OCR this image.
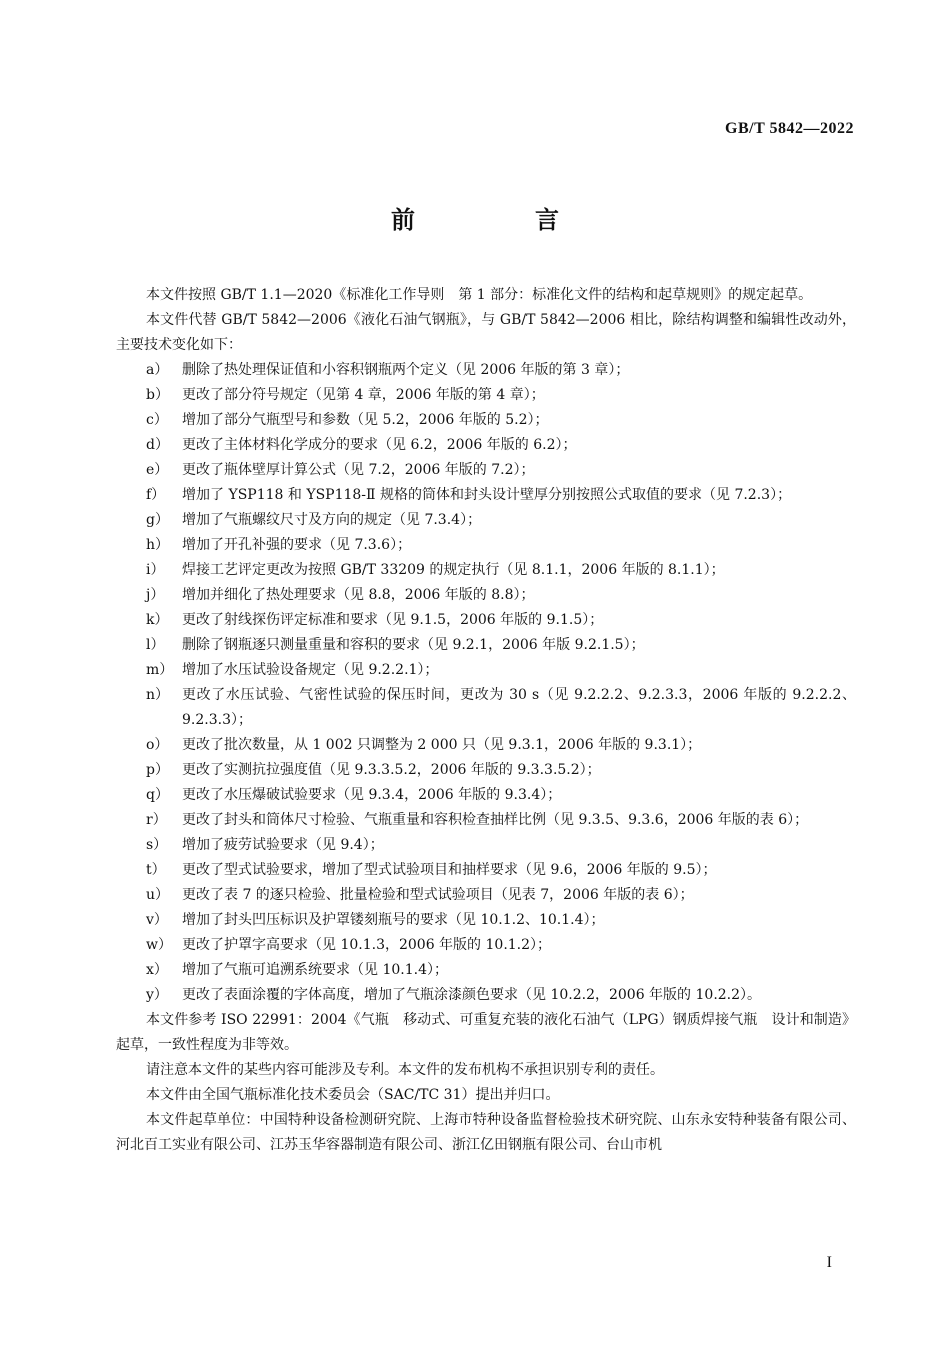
GB/T 5842—2022
前　言

本文件按照 GB/T 1.1—2020《标准化工作导则　第 1 部分：标准化文件的结构和起草规则》的规定起草。

本文件代替 GB/T 5842—2006《液化石油气钢瓶》，与 GB/T 5842—2006 相比，除结构调整和编辑性改动外，主要技术变化如下：

a） 删除了热处理保证值和小容积钢瓶两个定义（见 2006 年版的第 3 章）；
b） 更改了部分符号规定（见第 4 章，2006 年版的第 4 章）；
c） 增加了部分气瓶型号和参数（见 5.2，2006 年版的 5.2）；
d） 更改了主体材料化学成分的要求（见 6.2，2006 年版的 6.2）；
e） 更改了瓶体壁厚计算公式（见 7.2，2006 年版的 7.2）；
f） 增加了 YSP118 和 YSP118-Ⅱ 规格的筒体和封头设计壁厚分别按照公式取值的要求（见 7.2.3）；
g） 增加了气瓶螺纹尺寸及方向的规定（见 7.3.4）；
h） 增加了开孔补强的要求（见 7.3.6）；
i） 焊接工艺评定更改为按照 GB/T 33209 的规定执行（见 8.1.1，2006 年版的 8.1.1）；
j） 增加并细化了热处理要求（见 8.8，2006 年版的 8.8）；
k） 更改了射线探伤评定标准和要求（见 9.1.5，2006 年版的 9.1.5）；
l） 删除了钢瓶逐只测量重量和容积的要求（见 9.2.1，2006 年版 9.2.1.5）；
m） 增加了水压试验设备规定（见 9.2.2.1）；
n） 更改了水压试验、气密性试验的保压时间，更改为 30 s（见 9.2.2.2、9.2.3.3，2006 年版的 9.2.2.2、9.2.3.3）；
o） 更改了批次数量，从 1 002 只调整为 2 000 只（见 9.3.1，2006 年版的 9.3.1）；
p） 更改了实测抗拉强度值（见 9.3.3.5.2，2006 年版的 9.3.3.5.2）；
q） 更改了水压爆破试验要求（见 9.3.4，2006 年版的 9.3.4）；
r） 更改了封头和筒体尺寸检验、气瓶重量和容积检查抽样比例（见 9.3.5、9.3.6，2006 年版的表 6）；
s） 增加了疲劳试验要求（见 9.4）；
t） 更改了型式试验要求，增加了型式试验项目和抽样要求（见 9.6，2006 年版的 9.5）；
u） 更改了表 7 的逐只检验、批量检验和型式试验项目（见表 7，2006 年版的表 6）；
v） 增加了封头凹压标识及护罩镂刻瓶号的要求（见 10.1.2、10.1.4）；
w） 更改了护罩字高要求（见 10.1.3，2006 年版的 10.1.2）；
x） 增加了气瓶可追溯系统要求（见 10.1.4）；
y） 更改了表面涂覆的字体高度，增加了气瓶涂漆颜色要求（见 10.2.2，2006 年版的 10.2.2）。

本文件参考 ISO 22991：2004《气瓶　移动式、可重复充装的液化石油气（LPG）钢质焊接气瓶　设计和制造》起草，一致性程度为非等效。

请注意本文件的某些内容可能涉及专利。本文件的发布机构不承担识别专利的责任。

本文件由全国气瓶标准化技术委员会（SAC/TC 31）提出并归口。

本文件起草单位：中国特种设备检测研究院、上海市特种设备监督检验技术研究院、山东永安特种装备有限公司、河北百工实业有限公司、江苏玉华容器制造有限公司、浙江亿田钢瓶有限公司、台山市机

I
